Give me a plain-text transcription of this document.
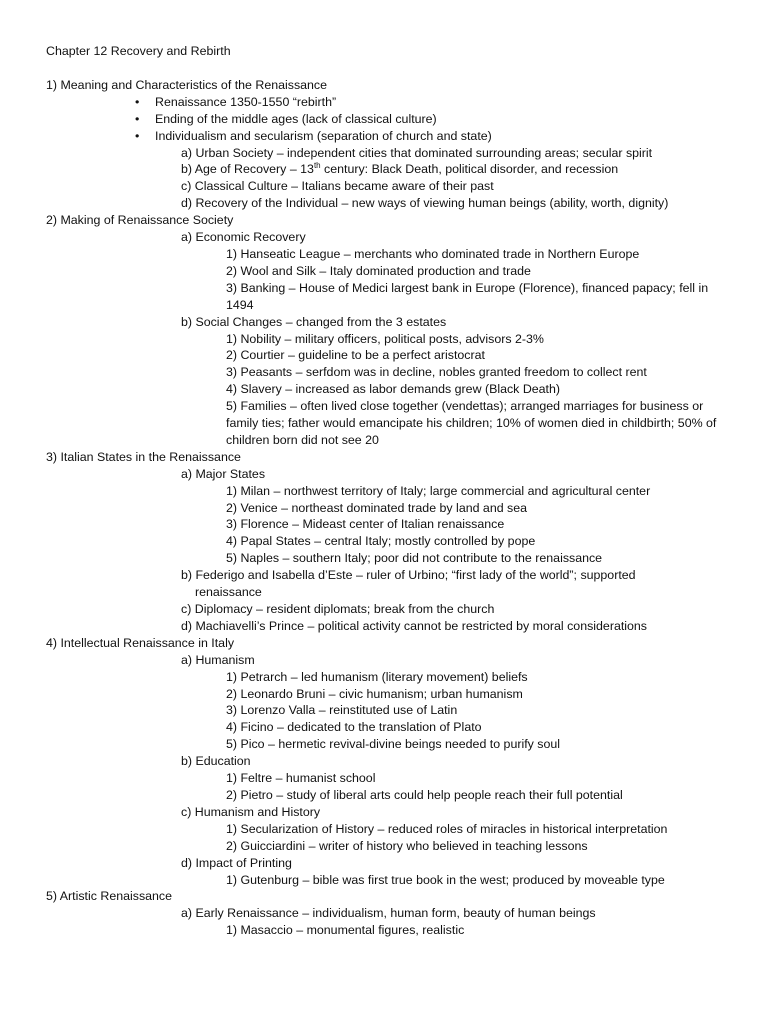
Chapter 12 Recovery and Rebirth

1) Meaning and Characteristics of the Renaissance

• Renaissance 1350-1550 “rebirth”

• Ending of the middle ages (lack of classical culture)

• Individualism and secularism (separation of church and state)

a) Urban Society – independent cities that dominated surrounding areas; secular spirit

b) Age of Recovery – 13th century: Black Death, political disorder, and recession

c) Classical Culture – Italians became aware of their past

d) Recovery of the Individual – new ways of viewing human beings (ability, worth, dignity)

2) Making of Renaissance Society

a) Economic Recovery

1) Hanseatic League – merchants who dominated trade in Northern Europe

2) Wool and Silk – Italy dominated production and trade

3) Banking – House of Medici largest bank in Europe (Florence), financed papacy; fell in 1494

b) Social Changes – changed from the 3 estates

1) Nobility – military officers, political posts, advisors 2-3%

2) Courtier – guideline to be a perfect aristocrat

3) Peasants – serfdom was in decline, nobles granted freedom to collect rent

4) Slavery – increased as labor demands grew (Black Death)

5) Families – often lived close together (vendettas); arranged marriages for business or family ties; father would emancipate his children; 10% of women died in childbirth; 50% of children born did not see 20

3) Italian States in the Renaissance

a) Major States

1) Milan – northwest territory of Italy; large commercial and agricultural center

2) Venice – northeast dominated trade by land and sea

3) Florence – Mideast center of Italian renaissance

4) Papal States – central Italy; mostly controlled by pope

5) Naples – southern Italy; poor did not contribute to the renaissance

b) Federigo and Isabella d’Este – ruler of Urbino; “first lady of the world”; supported

renaissance

c) Diplomacy – resident diplomats; break from the church

d) Machiavelli’s Prince – political activity cannot be restricted by moral considerations

4) Intellectual Renaissance in Italy

a) Humanism

1) Petrarch – led humanism (literary movement) beliefs

2) Leonardo Bruni – civic humanism; urban humanism

3) Lorenzo Valla – reinstituted use of Latin

4) Ficino – dedicated to the translation of Plato

5) Pico – hermetic revival-divine beings needed to purify soul

b) Education

1) Feltre – humanist school

2) Pietro – study of liberal arts could help people reach their full potential

c) Humanism and History

1) Secularization of History – reduced roles of miracles in historical interpretation

2) Guicciardini – writer of history who believed in teaching lessons

d) Impact of Printing

1) Gutenburg – bible was first true book in the west; produced by moveable type

5) Artistic Renaissance

a) Early Renaissance – individualism, human form, beauty of human beings

1) Masaccio – monumental figures, realistic
